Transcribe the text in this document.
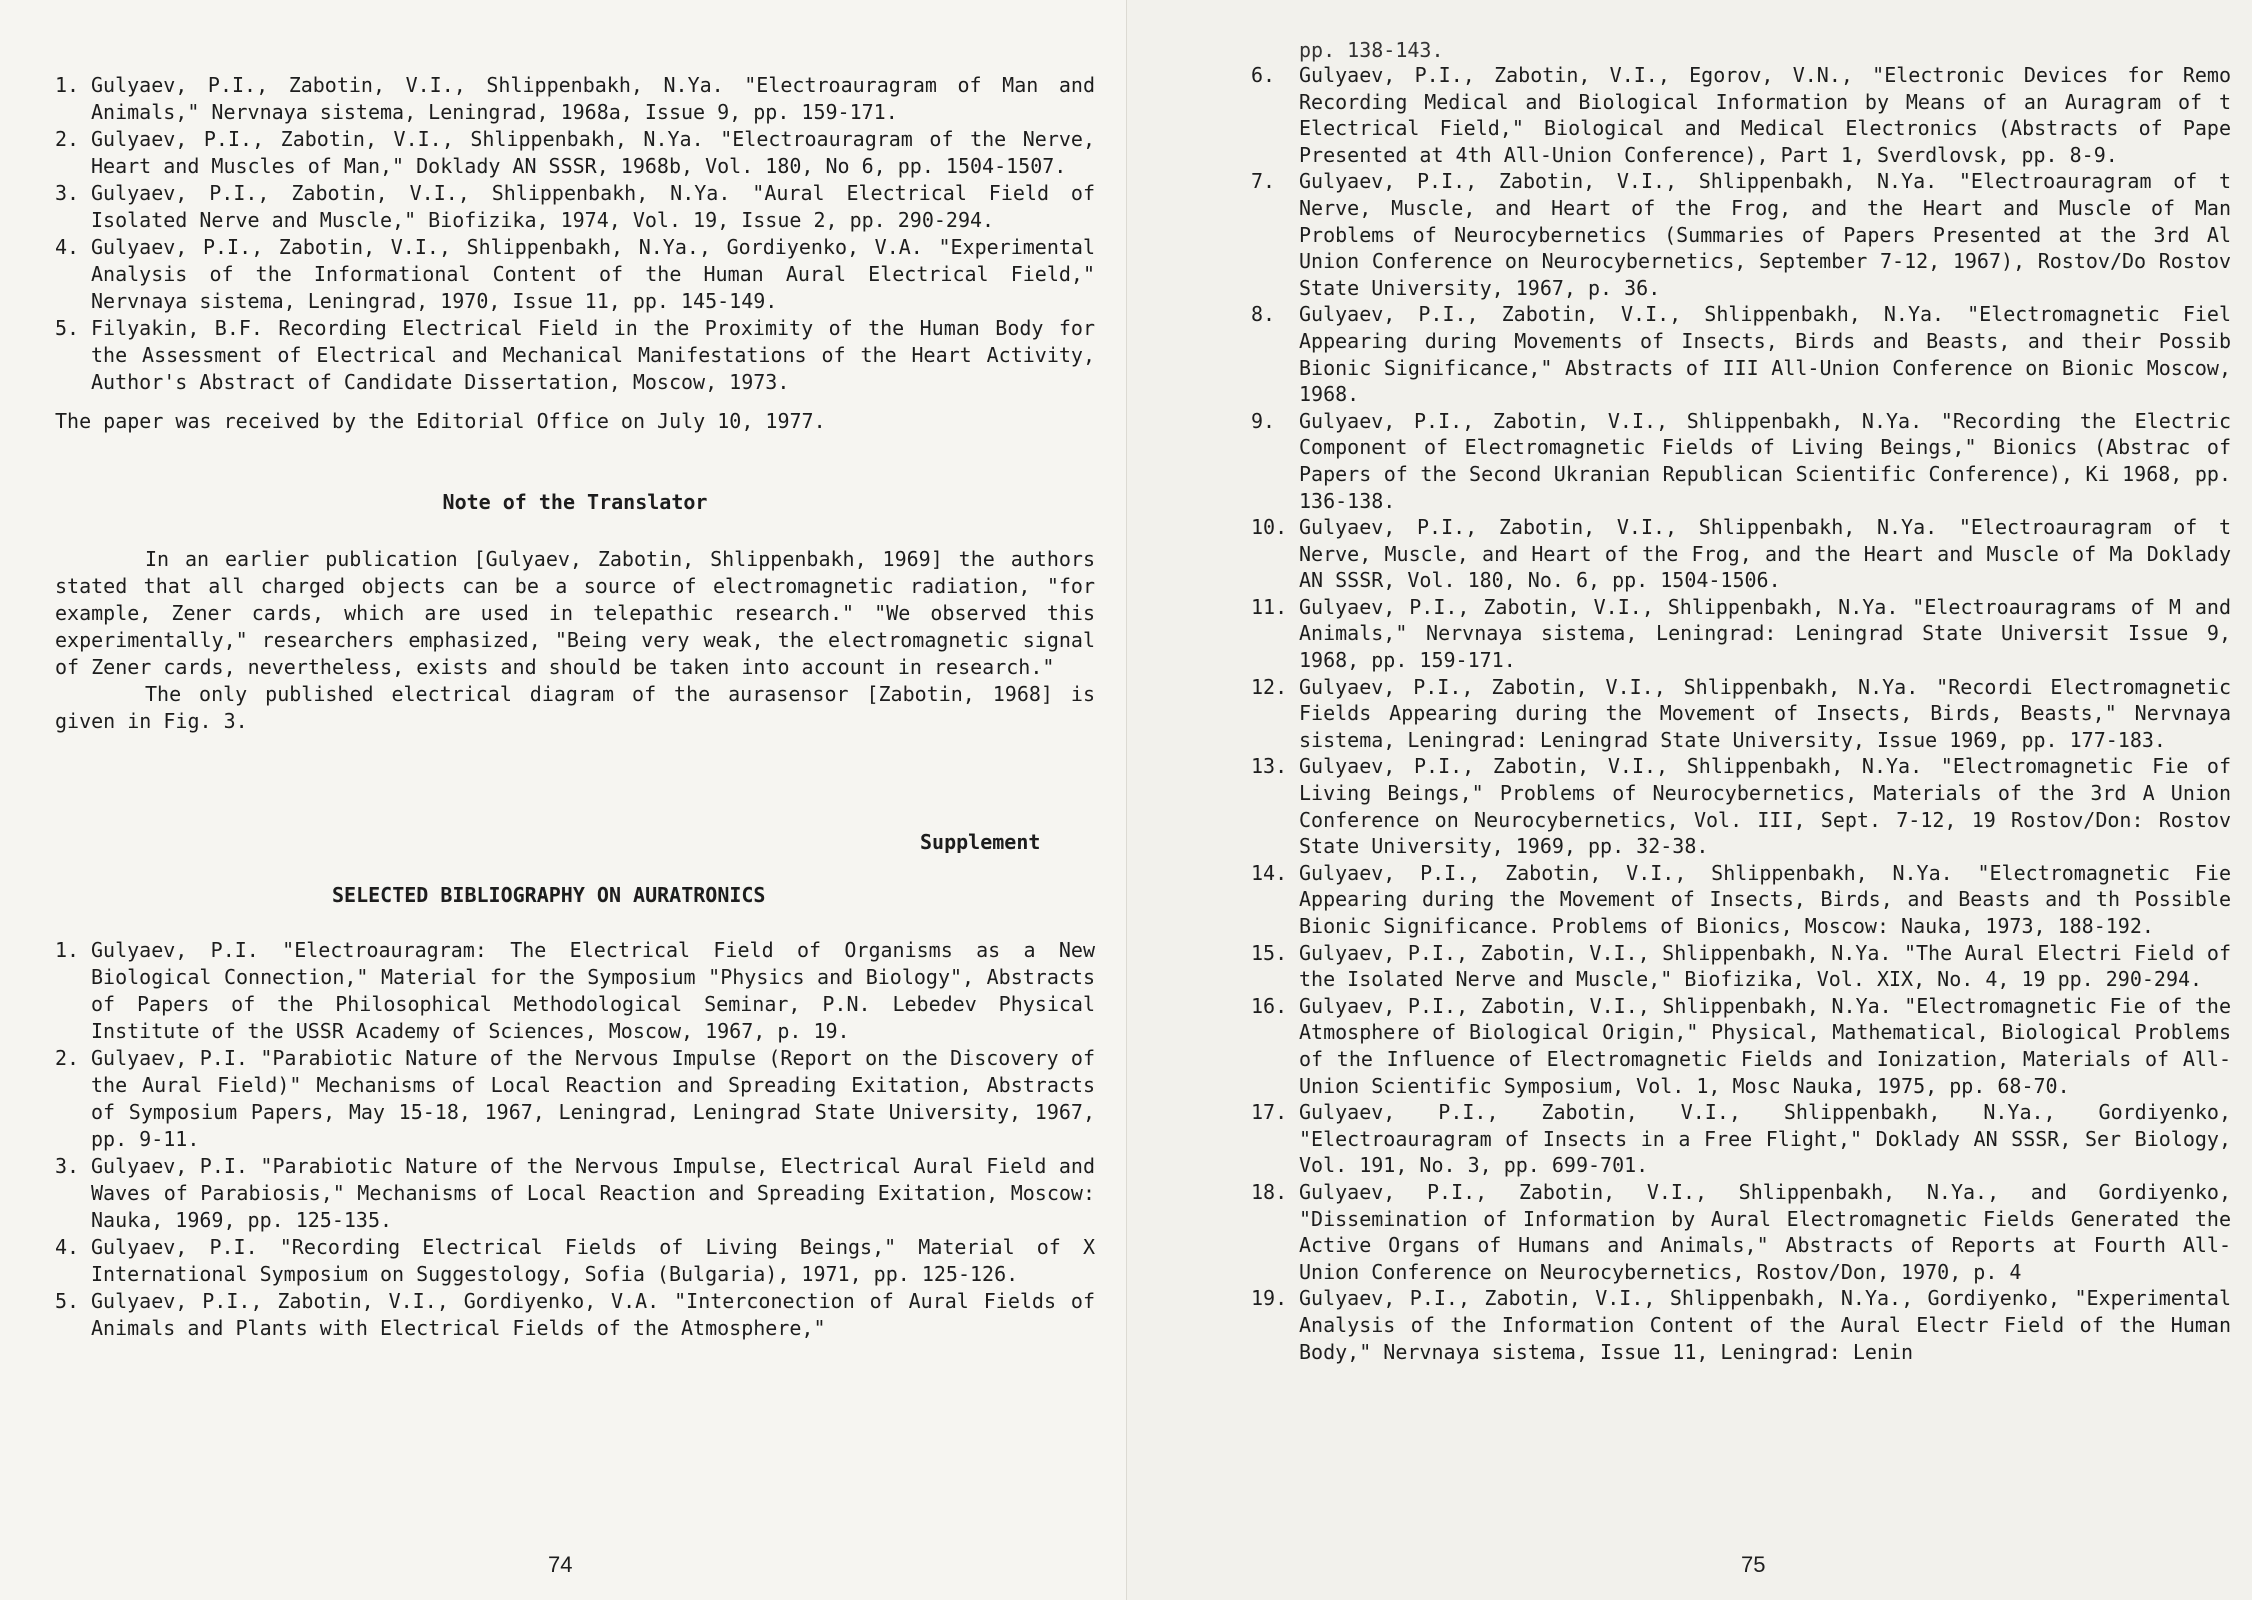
1. Gulyaev, P.I., Zabotin, V.I., Shlippenbakh, N.Ya. "Electroauragram of Man and Animals," Nervnaya sistema, Leningrad, 1968a, Issue 9, pp. 159-171.
2. Gulyaev, P.I., Zabotin, V.I., Shlippenbakh, N.Ya. "Electroauragram of the Nerve, Heart and Muscles of Man," Doklady AN SSSR, 1968b, Vol. 180, No 6, pp. 1504-1507.
3. Gulyaev, P.I., Zabotin, V.I., Shlippenbakh, N.Ya. "Aural Electrical Field of Isolated Nerve and Muscle," Biofizika, 1974, Vol. 19, Issue 2, pp. 290-294.
4. Gulyaev, P.I., Zabotin, V.I., Shlippenbakh, N.Ya., Gordiyenko, V.A. "Experimental Analysis of the Informational Content of the Human Aural Electrical Field," Nervnaya sistema, Leningrad, 1970, Issue 11, pp. 145-149.
5. Filyakin, B.F. Recording Electrical Field in the Proximity of the Human Body for the Assessment of Electrical and Mechanical Manifestations of the Heart Activity, Author's Abstract of Candidate Dissertation, Moscow, 1973.

The paper was received by the Editorial Office on July 10, 1977.

Note of the Translator

In an earlier publication [Gulyaev, Zabotin, Shlippenbakh, 1969] the authors stated that all charged objects can be a source of electromagnetic radiation, "for example, Zener cards, which are used in telepathic research." "We observed this experimentally," researchers emphasized, "Being very weak, the electromagnetic signal of Zener cards, nevertheless, exists and should be taken into account in research."

The only published electrical diagram of the aurasensor [Zabotin, 1968] is given in Fig. 3.

Supplement

SELECTED BIBLIOGRAPHY ON AURATRONICS

1. Gulyaev, P.I. "Electroauragram: The Electrical Field of Organisms as a New Biological Connection," Material for the Symposium "Physics and Biology", Abstracts of Papers of the Philosophical Methodological Seminar, P.N. Lebedev Physical Institute of the USSR Academy of Sciences, Moscow, 1967, p. 19.
2. Gulyaev, P.I. "Parabiotic Nature of the Nervous Impulse (Report on the Discovery of the Aural Field)" Mechanisms of Local Reaction and Spreading Exitation, Abstracts of Symposium Papers, May 15-18, 1967, Leningrad, Leningrad State University, 1967, pp. 9-11.
3. Gulyaev, P.I. "Parabiotic Nature of the Nervous Impulse, Electrical Aural Field and Waves of Parabiosis," Mechanisms of Local Reaction and Spreading Exitation, Moscow: Nauka, 1969, pp. 125-135.
4. Gulyaev, P.I. "Recording Electrical Fields of Living Beings," Material of X International Symposium on Suggestology, Sofia (Bulgaria), 1971, pp. 125-126.
5. Gulyaev, P.I., Zabotin, V.I., Gordiyenko, V.A. "Interconection of Aural Fields of Animals and Plants with Electrical Fields of the Atmosphere,"
74
pp. 138-143.
6.	Gulyaev, P.I., Zabotin, V.I., Egorov, V.N., "Electronic Devices for Remo Recording Medical and Biological Information by Means of an Auragram of t Electrical Field," Biological and Medical Electronics (Abstracts of Pape Presented at 4th All-Union Conference), Part 1, Sverdlovsk, pp. 8-9.
7.	Gulyaev, P.I., Zabotin, V.I., Shlippenbakh, N.Ya. "Electroauragram of t Nerve, Muscle, and Heart of the Frog, and the Heart and Muscle of Man Problems of Neurocybernetics (Summaries of Papers Presented at the 3rd Al Union Conference on Neurocybernetics, September 7-12, 1967), Rostov/Do Rostov State University, 1967, p. 36.
8.	Gulyaev, P.I., Zabotin, V.I., Shlippenbakh, N.Ya. "Electromagnetic Fiel Appearing during Movements of Insects, Birds and Beasts, and their Possib Bionic Significance," Abstracts of III All-Union Conference on Bionic Moscow, 1968.
9.	Gulyaev, P.I., Zabotin, V.I., Shlippenbakh, N.Ya. "Recording the Electric Component of Electromagnetic Fields of Living Beings," Bionics (Abstrac of Papers of the Second Ukranian Republican Scientific Conference), Ki 1968, pp. 136-138.
10. Gulyaev, P.I., Zabotin, V.I., Shlippenbakh, N.Ya. "Electroauragram of t Nerve, Muscle, and Heart of the Frog, and the Heart and Muscle of Ma Doklady AN SSSR, Vol. 180, No. 6, pp. 1504-1506.
11. Gulyaev, P.I., Zabotin, V.I., Shlippenbakh, N.Ya. "Electroauragrams of M and Animals," Nervnaya sistema, Leningrad: Leningrad State Universit Issue 9, 1968, pp. 159-171.
12. Gulyaev, P.I., Zabotin, V.I., Shlippenbakh, N.Ya. "Recordi Electromagnetic Fields Appearing during the Movement of Insects, Birds, Beasts," Nervnaya sistema, Leningrad: Leningrad State University, Issue 1969, pp. 177-183.
13. Gulyaev, P.I., Zabotin, V.I., Shlippenbakh, N.Ya. "Electromagnetic Fie of Living Beings," Problems of Neurocybernetics, Materials of the 3rd A Union Conference on Neurocybernetics, Vol. III, Sept. 7-12, 19 Rostov/Don: Rostov State University, 1969, pp. 32-38.
14. Gulyaev, P.I., Zabotin, V.I., Shlippenbakh, N.Ya. "Electromagnetic Fie Appearing during the Movement of Insects, Birds, and Beasts and th Possible Bionic Significance. Problems of Bionics, Moscow: Nauka, 1973, 188-192.
15. Gulyaev, P.I., Zabotin, V.I., Shlippenbakh, N.Ya. "The Aural Electri Field of the Isolated Nerve and Muscle," Biofizika, Vol. XIX, No. 4, 19 pp. 290-294.
16. Gulyaev, P.I., Zabotin, V.I., Shlippenbakh, N.Ya. "Electromagnetic Fie of the Atmosphere of Biological Origin," Physical, Mathematical, Biological Problems of the Influence of Electromagnetic Fields and Ionization, Materials of All-Union Scientific Symposium, Vol. 1, Mosc Nauka, 1975, pp. 68-70.
17. Gulyaev, P.I., Zabotin, V.I., Shlippenbakh, N.Ya., Gordiyenko, "Electroauragram of Insects in a Free Flight," Doklady AN SSSR, Ser Biology, Vol. 191, No. 3, pp. 699-701.
18. Gulyaev, P.I., Zabotin, V.I., Shlippenbakh, N.Ya., and Gordiyenko, "Dissemination of Information by Aural Electromagnetic Fields Generated the Active Organs of Humans and Animals," Abstracts of Reports at Fourth All-Union Conference on Neurocybernetics, Rostov/Don, 1970, p. 4
19. Gulyaev, P.I., Zabotin, V.I., Shlippenbakh, N.Ya., Gordiyenko, "Experimental Analysis of the Information Content of the Aural Electr Field of the Human Body," Nervnaya sistema, Issue 11, Leningrad: Lenin
75
